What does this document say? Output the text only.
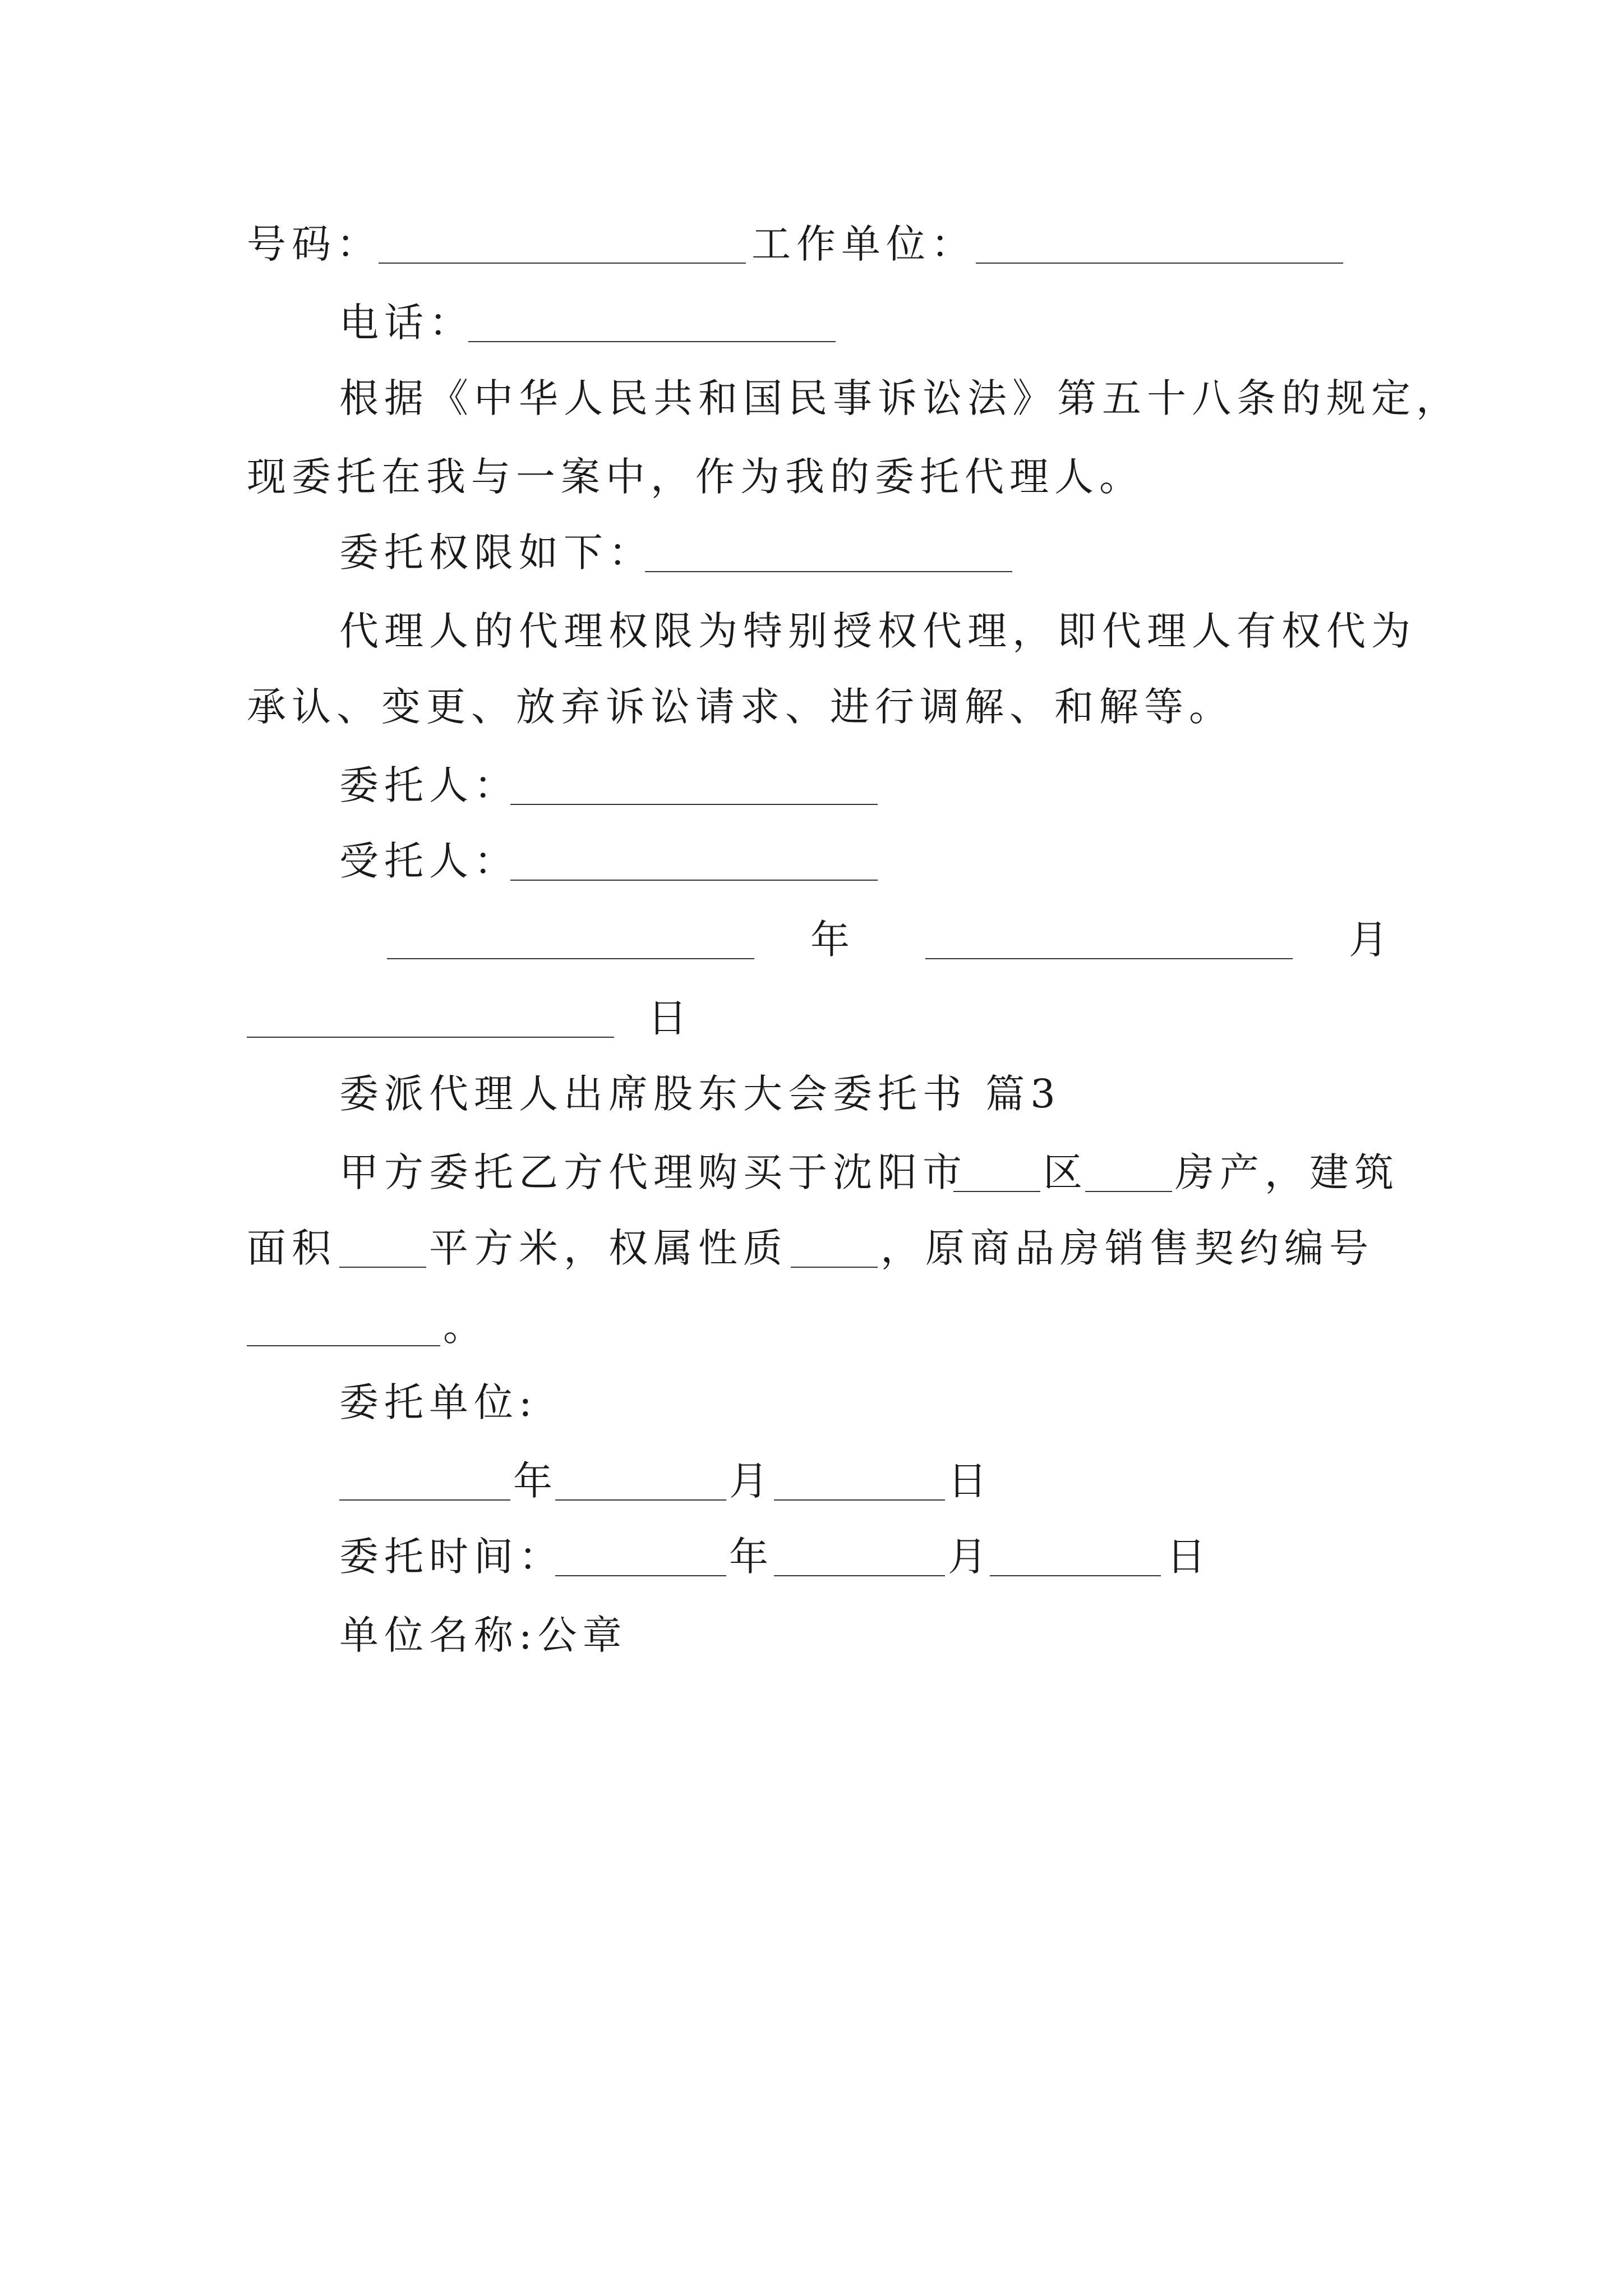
号码：	工作单位：
电话：
根据《中华人民共和国民事诉讼法》第五十八条的规定，
现委托在我与一案中，作为我的委托代理人。
委托权限如下：
代理人的代理权限为特别授权代理，即代理人有权代为
承认、变更、放弃诉讼请求、进行调解、和解等。
委托人：
受托人：
年	月
日
委派代理人出席股东大会委托书 篇3
甲方委托乙方代理购买于沈阳市 区 房产，建筑
面积 平方米，权属性质 ，原商品房销售契约编号
。
委托单位:
年	月	日
委托时间：	年	月	日
单位名称:公章
